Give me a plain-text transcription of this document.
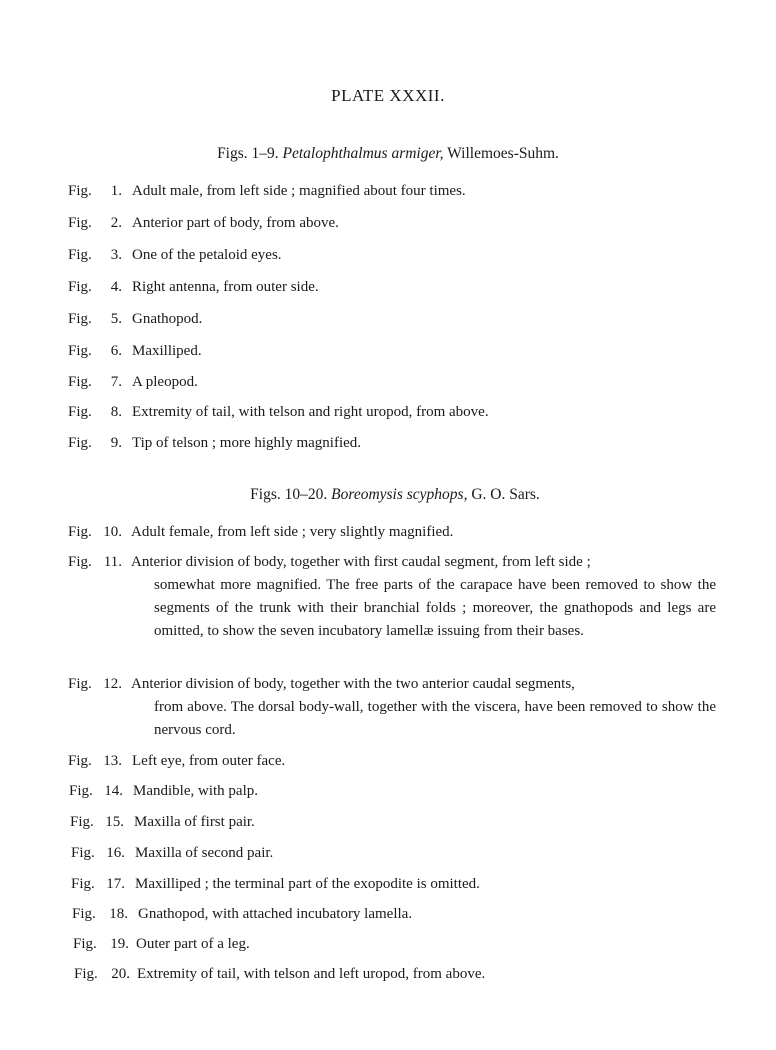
PLATE XXXII.
Figs. 1–9. Petalophthalmus armiger, Willemoes-Suhm.
Fig.	1. Adult male, from left side ; magnified about four times.
Fig.	2. Anterior part of body, from above.
Fig.	3. One of the petaloid eyes.
Fig.	4. Right antenna, from outer side.
Fig.	5. Gnathopod.
Fig.	6. Maxilliped.
Fig.	7. A pleopod.
Fig.	8. Extremity of tail, with telson and right uropod, from above.
Fig.	9. Tip of telson ; more highly magnified.
Figs. 10–20. Boreomysis scyphops, G. O. Sars.
Fig. 10. Adult female, from left side ; very slightly magnified.
Fig. 11. Anterior division of body, together with first caudal segment, from left side ;
somewhat more magnified. The free parts of the carapace have been removed to show the segments of the trunk with their branchial folds ; moreover, the gnathopods and legs are omitted, to show the seven incubatory lamellæ issuing from their bases.
Fig. 12. Anterior division of body, together with the two anterior caudal segments,
from above. The dorsal body-wall, together with the viscera, have been removed to show the nervous cord.
Fig. 13. Left eye, from outer face.
Fig. 14. Mandible, with palp.
Fig. 15. Maxilla of first pair.
Fig. 16. Maxilla of second pair.
Fig. 17. Maxilliped ; the terminal part of the exopodite is omitted.
Fig. 18. Gnathopod, with attached incubatory lamella.
Fig. 19. Outer part of a leg.
Fig. 20. Extremity of tail, with telson and left uropod, from above.
